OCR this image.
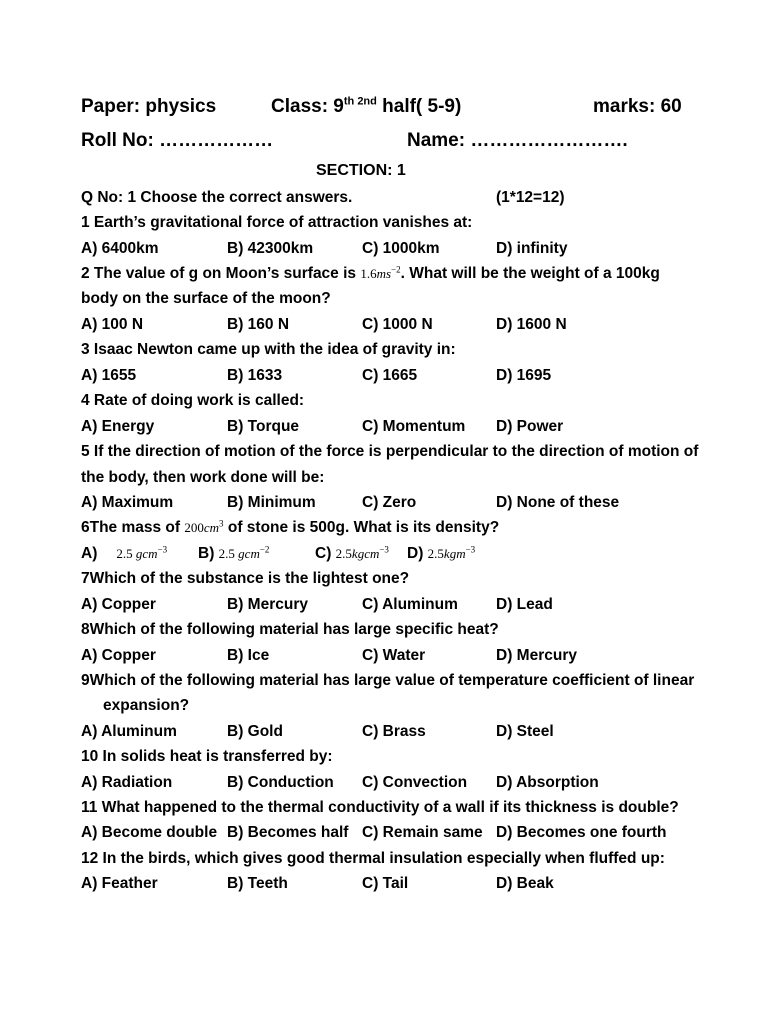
Paper: physics	Class: $9^{th 2nd}$ half( 5-9)	marks: 60
Roll No: ………………	Name: …………………….
SECTION: 1
Q No: 1 Choose the correct answers.	(1*12=12)
1 Earth’s gravitational force of attraction vanishes at:
A) 6400km	B) 42300km	C) 1000km	D) infinity
2 The value of g on Moon’s surface is $1.6ms^{-2}$. What will be the weight of a 100kg
body on the surface of the moon?
A) 100 N	B) 160 N	C) 1000 N	D) 1600 N
3 Isaac Newton came up with the idea of gravity in:
A) 1655	B) 1633	C) 1665	D) 1695
4 Rate of doing work is called:
A) Energy	B) Torque	C) Momentum D) Power
5 If the direction of motion of the force is perpendicular to the direction of motion of
the body, then work done will be:
A) Maximum	B) Minimum	C) Zero	D) None of these
6The mass of $200cm^3$ of stone is 500g. What is its density?
A) 2.5 gcm$^{-3}$ B) 2.5 gcm$^{-2}$	C) 2.5kgcm$^{-3}$ D) 2.5kgm$^{-3}$
7Which of the substance is the lightest one?
A) Copper	B) Mercury	C) Aluminum D) Lead
8Which of the following material has large specific heat?
A) Copper	B) Ice	C) Water	D) Mercury
9Which of the following material has large value of temperature coefficient of linear
expansion?
A) Aluminum	B) Gold	C) Brass	D) Steel
10 In solids heat is transferred by:
A) Radiation	B) Conduction C) Convection D) Absorption
11 What happened to the thermal conductivity of a wall if its thickness is double?
A) Become double B) Becomes half C) Remain same D) Becomes one fourth
12 In the birds, which gives good thermal insulation especially when fluffed up:
A) Feather	B) Teeth	C) Tail	D) Beak
